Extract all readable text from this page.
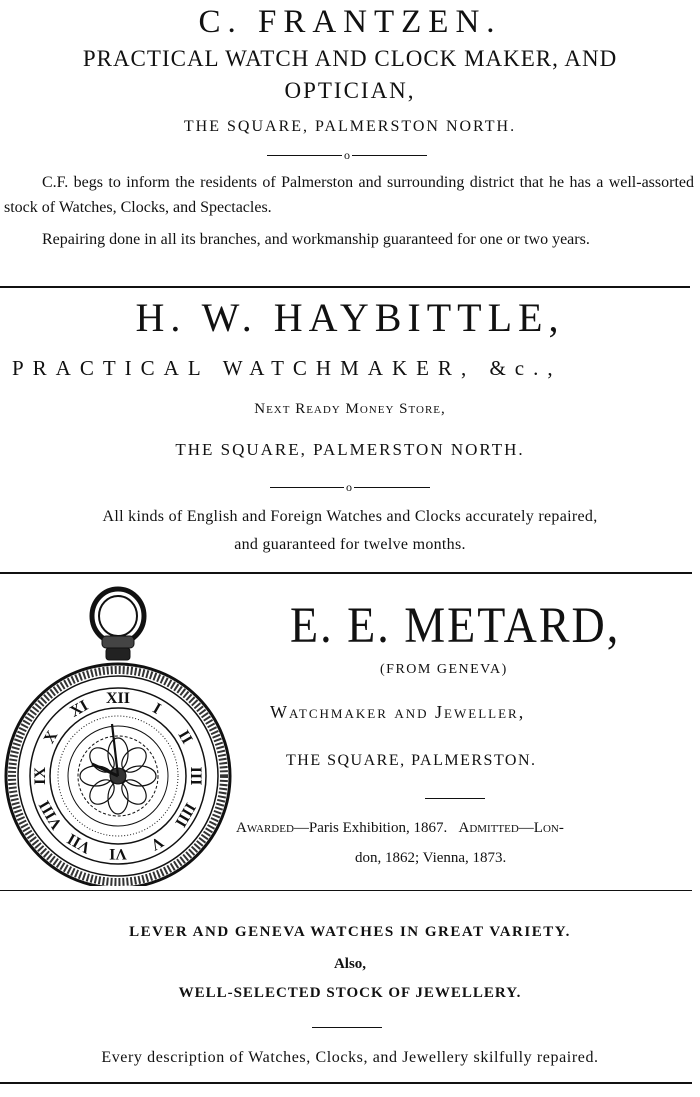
C. FRANTZEN.
PRACTICAL WATCH AND CLOCK MAKER, AND
OPTICIAN,
THE SQUARE, PALMERSTON NORTH.
o
C.F. begs to inform the residents of Palmerston and surrounding district that he has a well-assorted stock of Watches, Clocks, and Spectacles.
Repairing done in all its branches, and workmanship guaranteed for one or two years.
H. W. HAYBITTLE,
PRACTICAL WATCHMAKER, &c.,
Next Ready Money Store,
THE SQUARE, PALMERSTON NORTH.
o
All kinds of English and Foreign Watches and Clocks accurately repaired,
and guaranteed for twelve months.
XII
I
II
III
IIII
V
VI
VII
VIII
IX
X
XI
E. E. METARD,
(FROM GENEVA)
Watchmaker and Jeweller,
THE SQUARE, PALMERSTON.
Awarded—Paris Exhibition, 1867. Admitted—Lon-
don, 1862; Vienna, 1873.
LEVER AND GENEVA WATCHES IN GREAT VARIETY.
Also,
WELL-SELECTED STOCK OF JEWELLERY.
Every description of Watches, Clocks, and Jewellery skilfully repaired.
